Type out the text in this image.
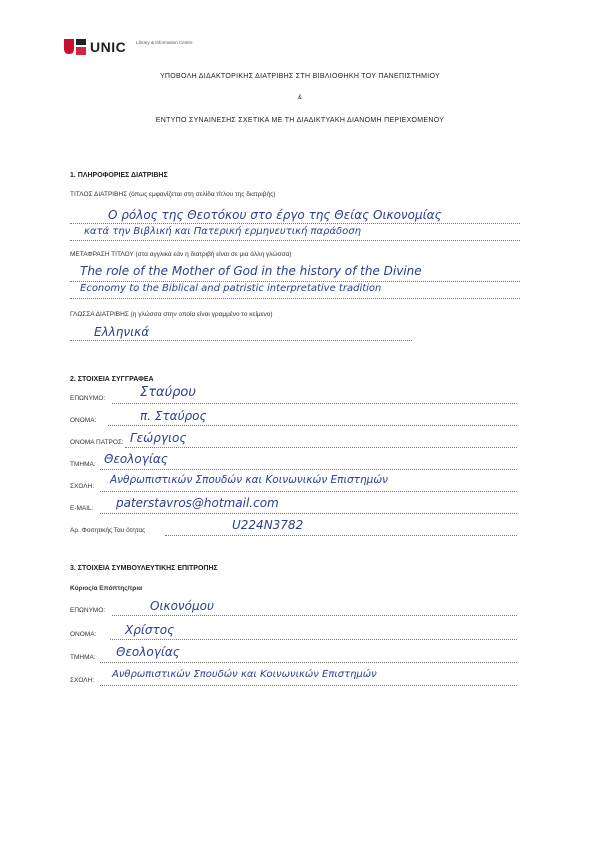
UNIC Library & Information Centre
ΥΠΟΒΟΛΗ ΔΙΔΑΚΤΟΡΙΚΗΣ ΔΙΑΤΡΙΒΗΣ ΣΤΗ ΒΙΒΛΙΟΘΗΚΗ ΤΟΥ ΠΑΝΕΠΙΣΤΗΜΙΟΥ
&
ΕΝΤΥΠΟ ΣΥΝΑΙΝΕΣΗΣ ΣΧΕΤΙΚΑ ΜΕ ΤΗ ΔΙΑΔΙΚΤΥΑΚΗ ΔΙΑΝΟΜΗ ΠΕΡΙΕΧΟΜΕΝΟΥ
1. ΠΛΗΡΟΦΟΡΙΕΣ ΔΙΑΤΡΙΒΗΣ
ΤΙΤΛΟΣ ΔΙΑΤΡΙΒΗΣ (όπως εμφανίζεται στη σελίδα τίτλου της διατριβής)
Ο ρόλος της Θεοτόκου στο έργο της Θείας Οικονομίας
κατά την Βιβλική και Πατερική ερμηνευτική παράδοση
ΜΕΤΑΦΡΑΣΗ ΤΙΤΛΟΥ (στα αγγλικά εάν η διατριβή είναι σε μια άλλη γλώσσα)
The role of the Mother of God in the history of the Divine
Economy to the Biblical and patristic interpretative tradition
ΓΛΩΣΣΑ ΔΙΑΤΡΙΒΗΣ (η γλώσσα στην οποία είναι γραμμένο το κείμενο)
Ελληνικά
2. ΣΤΟΙΧΕΙΑ ΣΥΓΓΡΑΦΕΑ
ΕΠΩΝΥΜΟ:	Σταύρου
ΟΝΟΜΑ:	π. Σταύρος
ΟΝΟΜΑ ΠΑΤΡΟΣ: Γεώργιος
ΤΜΗΜΑ: Θεολογίας
ΣΧΟΛΗ:
Ανθρωπιστικών Σπουδών και Κοινωνικών Επιστημών
E-MAIL: paterstavros@hotmail.com
Αρ. Φοιτητικής Ταυ ότητας	U224N3782
3. ΣΤΟΙΧΕΙΑ ΣΥΜΒΟΥΛΕΥΤΙΚΗΣ ΕΠΙΤΡΟΠΗΣ
Κύριος/α Επόπτης/τρια
ΕΠΩΝΥΜΟ:	Οικονόμου
ΟΝΟΜΑ: Χρίστος
ΤΜΗΜΑ: Θεολογίας
ΣΧΟΛΗ:
Ανθρωπιστικών Σπουδών και Κοινωνικών Επιστημών
